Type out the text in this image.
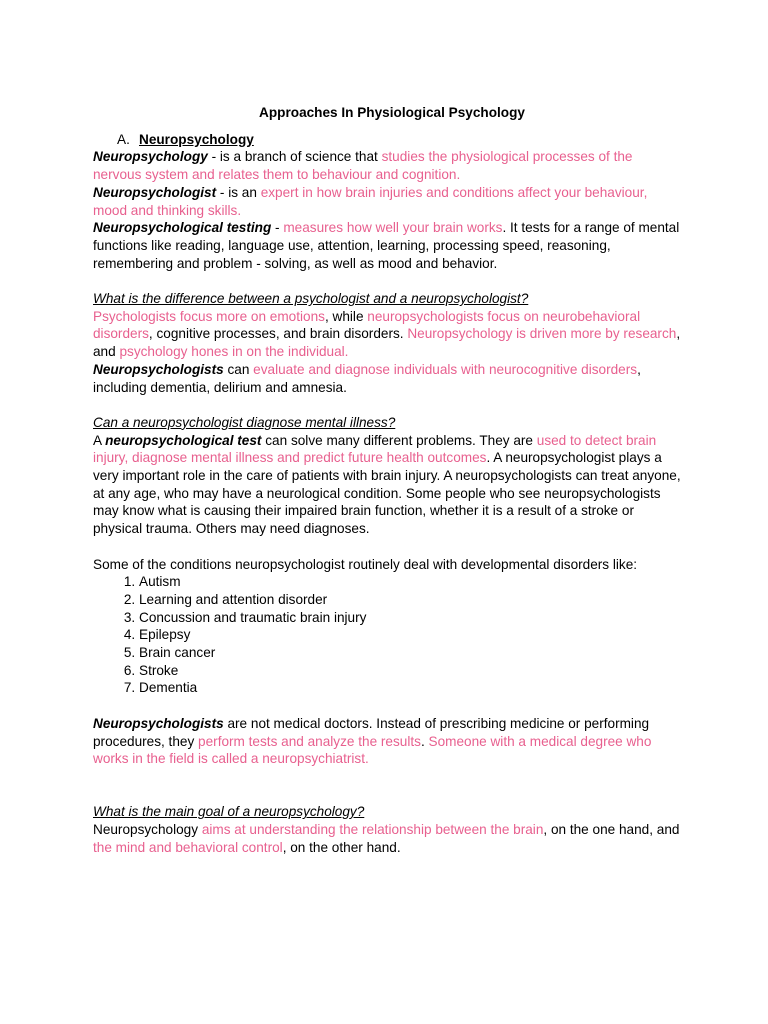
Approaches In Physiological Psychology

A. Neuropsychology

Neuropsychology - is a branch of science that studies the physiological processes of the nervous system and relates them to behaviour and cognition.

Neuropsychologist - is an expert in how brain injuries and conditions affect your behaviour, mood and thinking skills.

Neuropsychological testing - measures how well your brain works. It tests for a range of mental functions like reading, language use, attention, learning, processing speed, reasoning, remembering and problem - solving, as well as mood and behavior.

What is the difference between a psychologist and a neuropsychologist?

Psychologists focus more on emotions, while neuropsychologists focus on neurobehavioral disorders, cognitive processes, and brain disorders. Neuropsychology is driven more by research, and psychology hones in on the individual.

Neuropsychologists can evaluate and diagnose individuals with neurocognitive disorders, including dementia, delirium and amnesia.

Can a neuropsychologist diagnose mental illness?

A neuropsychological test can solve many different problems. They are used to detect brain injury, diagnose mental illness and predict future health outcomes. A neuropsychologist plays a very important role in the care of patients with brain injury. A neuropsychologists can treat anyone, at any age, who may have a neurological condition. Some people who see neuropsychologists may know what is causing their impaired brain function, whether it is a result of a stroke or physical trauma. Others may need diagnoses.

Some of the conditions neuropsychologist routinely deal with developmental disorders like:

1. Autism
2. Learning and attention disorder
3. Concussion and traumatic brain injury
4. Epilepsy
5. Brain cancer
6. Stroke
7. Dementia

Neuropsychologists are not medical doctors. Instead of prescribing medicine or performing procedures, they perform tests and analyze the results. Someone with a medical degree who works in the field is called a neuropsychiatrist.

What is the main goal of a neuropsychology?

Neuropsychology aims at understanding the relationship between the brain, on the one hand, and the mind and behavioral control, on the other hand.
